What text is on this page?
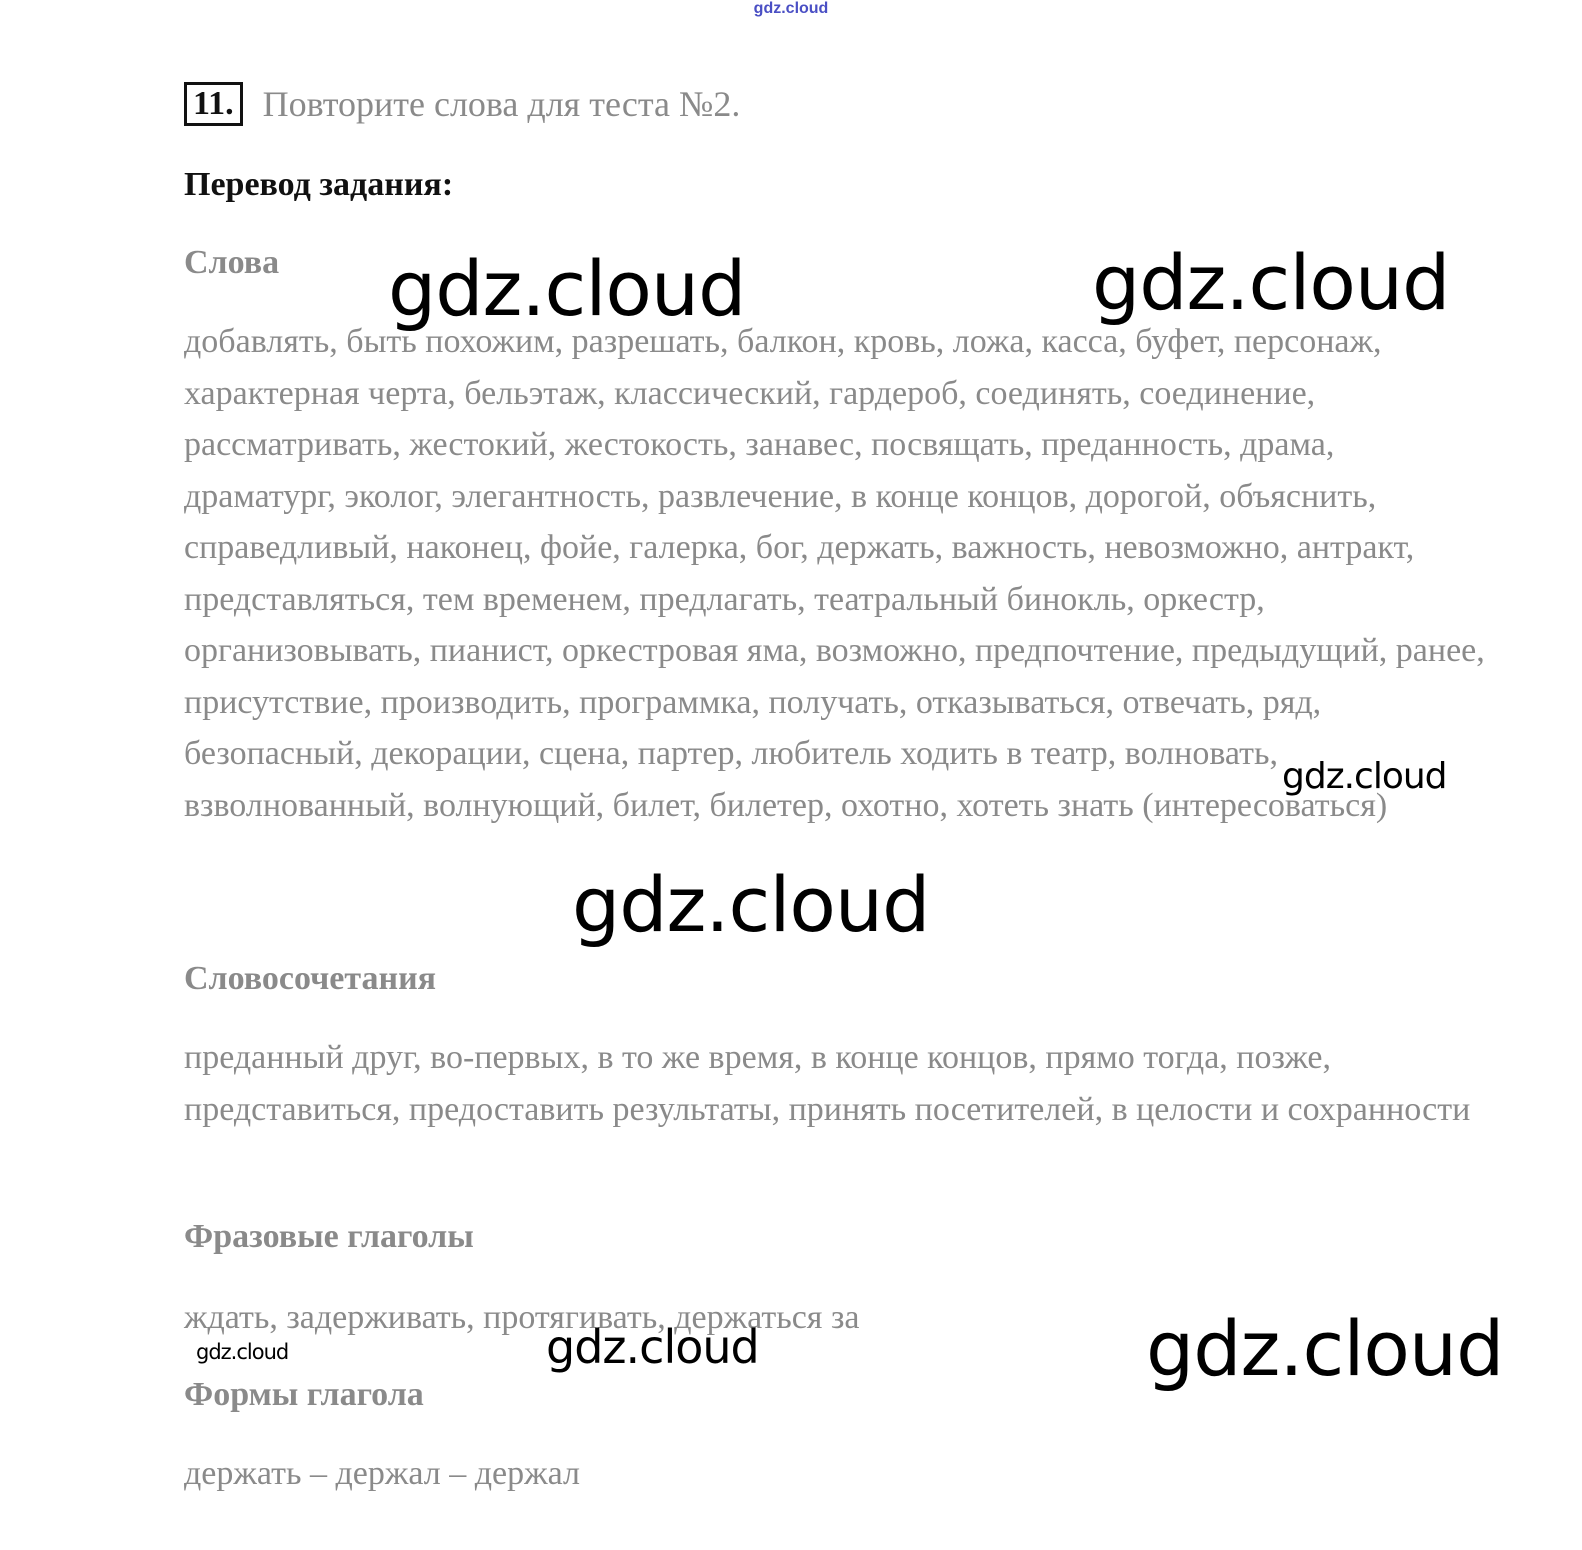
gdz.cloud
11. Повторите слова для теста №2.
Перевод задания:
Слова
добавлять, быть похожим, разрешать, балкон, кровь, ложа, касса, буфет, персонаж, характерная черта, бельэтаж, классический, гардероб, соединять, соединение, рассматривать, жестокий, жестокость, занавес, посвящать, преданность, драма, драматург, эколог, элегантность, развлечение, в конце концов, дорогой, объяснить, справедливый, наконец, фойе, галерка, бог, держать, важность, невозможно, антракт, представляться, тем временем, предлагать, театральный бинокль, оркестр, организовывать, пианист, оркестровая яма, возможно, предпочтение, предыдущий, ранее, присутствие, производить, программка, получать, отказываться, отвечать, ряд, безопасный, декорации, сцена, партер, любитель ходить в театр, волновать, взволнованный, волнующий, билет, билетер, охотно, хотеть знать (интересоваться)
Словосочетания
преданный друг, во-первых, в то же время, в конце концов, прямо тогда, позже, представиться, предоставить результаты, принять посетителей, в целости и сохранности
Фразовые глаголы
ждать, задерживать, протягивать, держаться за
Формы глагола
держать – держал – держал
gdz.cloud	gdz.cloud
gdz.cloud
gdz.cloud
gdz.cloud	gdz.cloud	gdz.cloud
